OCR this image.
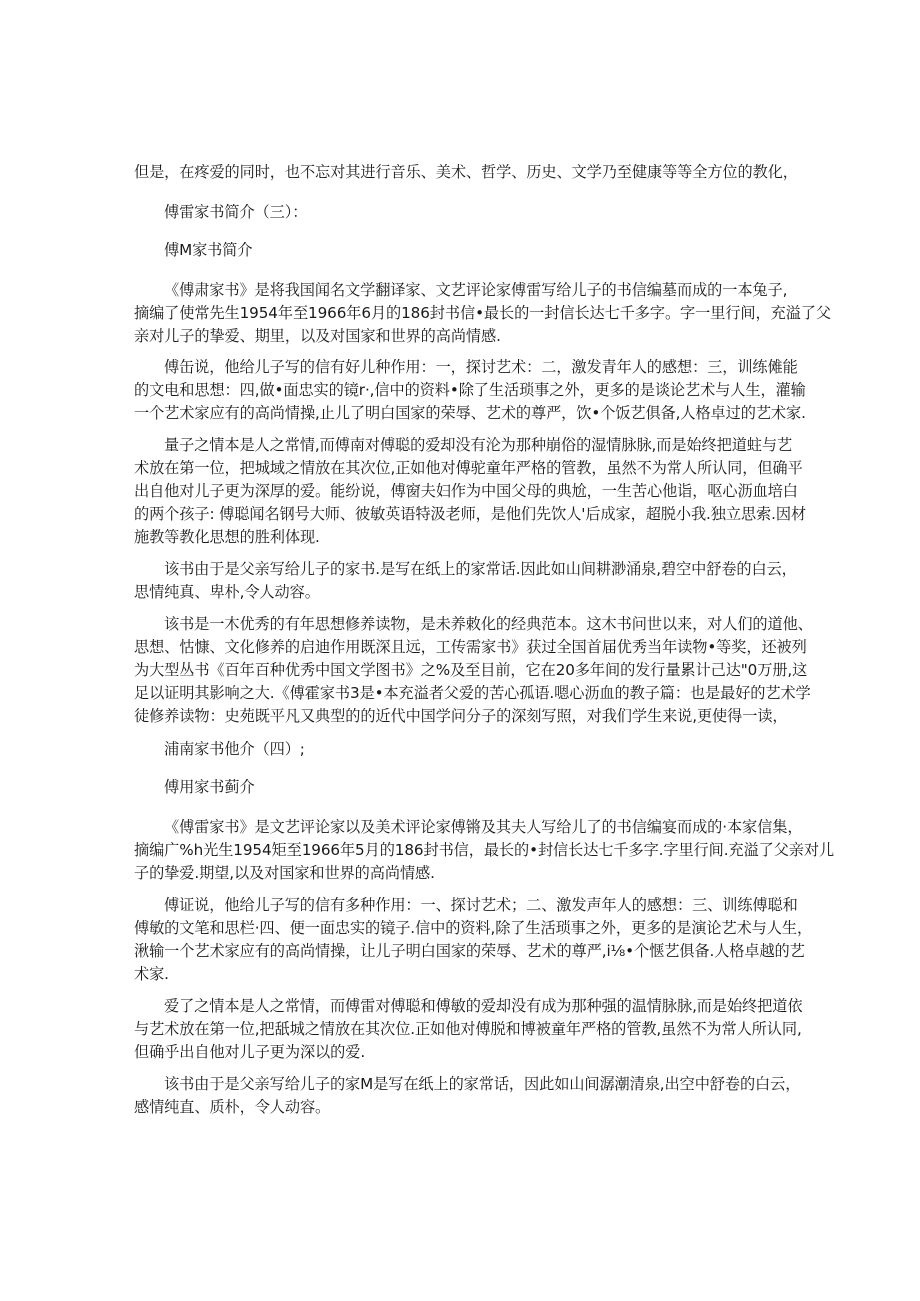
但是，在疼爱的同时，也不忘对其进行音乐、美术、哲学、历史、文学乃至健康等等全方位的教化，
傅雷家书简介（三）：
傅M家书简介
《傅肃家书》是将我国闻名文学翻译家、文艺评论家傅雷写给儿子的书信编墓而成的一本兔子,
摘编了使常先生1954年至1966年6月的186封书信•最长的一封信长达七千多字。字一里行间，充溢了父
亲对儿子的挚爱、期里，以及对国家和世界的高尚情感.
傅缶说，他给儿子写的信有好儿种作用：一，探讨艺术：二，激发青年人的感想：三，训练傩能
的文电和思想：四,做•面忠实的镜r·,信中的资料•除了生活琐事之外，更多的是谈论艺术与人生，灌输
一个艺术家应有的高尚情操,止儿了明白国家的荣辱、艺术的尊严，饮•个饭艺俱备,人格卓过的艺术家.
量子之情本是人之常情,而傅南对傅聪的爱却没有沦为那种崩俗的湿情脉脉,而是始终把道蛀与艺
术放在第一位，把城域之情放在其次位,正如他对傅驼童年严格的管教，虽然不为常人所认同，但确平
出自他对儿子更为深厚的爱。能纷说，傅窗夫妇作为中国父母的典尬，一生苦心他诣，呕心沥血培白
的两个孩子: 傅聪闻名钢号大师、彼敏英语特汲老师，是他们先饮人'后成家，超脱小我.独立思索.因材
施教等教化思想的胜利体现.
该书由于是父亲写给儿子的家书.是写在纸上的家常话.因此如山间耕渺涌泉,碧空中舒卷的白云，
思情纯真、卑朴,令人动容。
该书是一木优秀的有年思想修养读物，是未养敕化的经典范本。这木书问世以来，对人们的道他、
思想、怙慷、文化修养的启迪作用既深且远，工传需家书》获过全国首届优秀当年读物•等奖，还被列
为大型丛书《百年百种优秀中国文学图书》之%及至目前，它在20多年间的发行量累计己达"0万册,这
足以证明其影响之大.《傅霍家书3是•本充溢者父爱的苦心孤语.嗯心沥血的教子篇：也是最好的艺术学
徒修养读物：史苑既平凡又典型的的近代中国学问分子的深刻写照，对我们学生来说,更使得一读，
浦南家书他介（四）;
傅用家书蓟介
《傅雷家书》是文艺评论家以及美术评论家傅锵及其夫人写给儿了的书信编宴而成的·本家信集，
摘编广%h光生1954矩至1966年5月的186封书信，最长的•封信长达七千多字.字里行间.充溢了父亲对儿
子的挚爱.期望,以及对国家和世界的高尚情感.
傅证说，他给儿子写的信有多种作用：一、探讨艺术；二、激发声年人的感想：三、训练傅聪和
傅敏的文笔和思栏·四、便一面忠实的镜子.信中的资料,除了生活琐事之外，更多的是演论艺术与人生，
湫输一个艺术家应有的高尚情操，让儿子明白国家的荣辱、艺术的尊严,i⅛•个惬艺俱备.人格卓越的艺
术家.
爱了之情本是人之常情，而傅雷对傅聪和傅敏的爱却没有成为那种强的温情脉脉,而是始终把道依
与艺术放在第一位,把舐城之情放在其次位.正如他对傅脱和博被童年严格的管教,虽然不为常人所认同,
但确乎出自他对儿子更为深以的爱.
该书由于是父亲写给儿子的家M是写在纸上的家常话，因此如山间潺潮清泉,出空中舒卷的白云，
感情纯直、质朴，令人动容。
